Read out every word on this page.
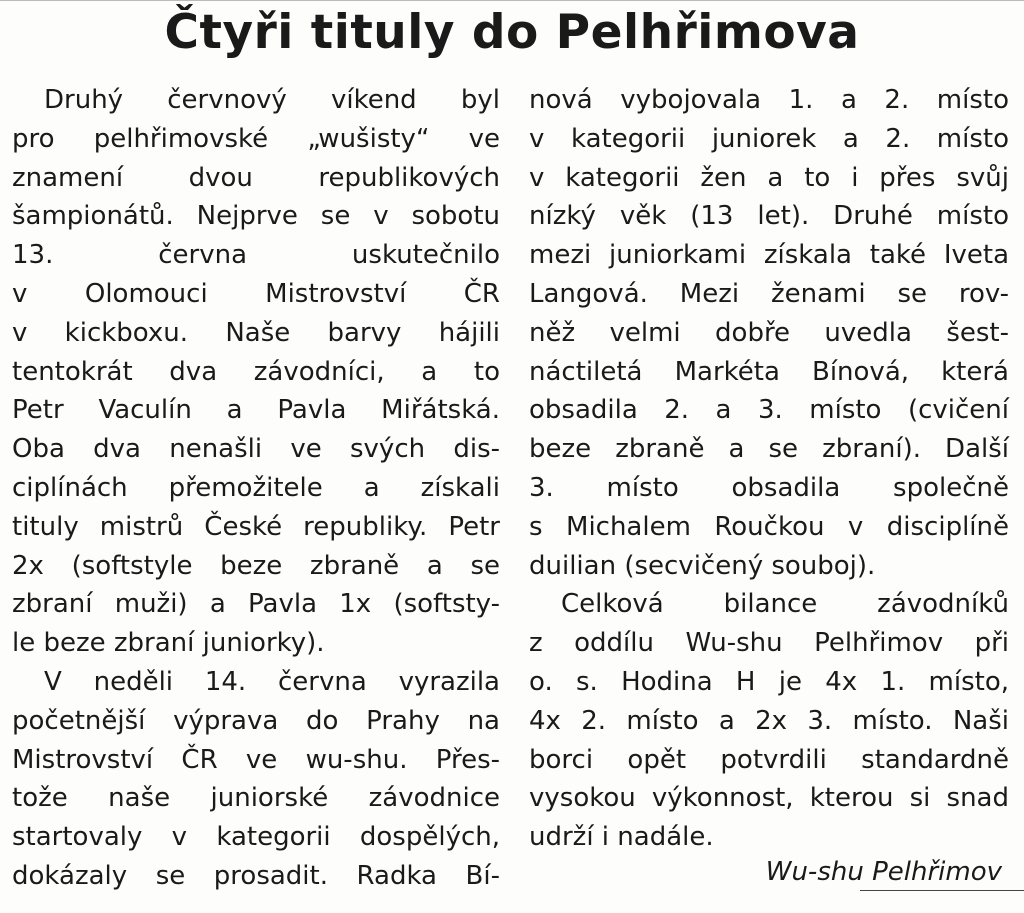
Čtyři tituly do Pelhřimova
Druhý červnový víkend byl
pro pelhřimovské „wušisty“ ve
znamení dvou republikových
šampionátů. Nejprve se v sobotu
13. června uskutečnilo
v Olomouci Mistrovství ČR
v kickboxu. Naše barvy hájili
tentokrát dva závodníci, a to
Petr Vaculín a Pavla Miřátská.
Oba dva nenašli ve svých dis-
ciplínách přemožitele a získali
tituly mistrů České republiky. Petr
2x (softstyle beze zbraně a se
zbraní muži) a Pavla 1x (softsty-
le beze zbraní juniorky).
V neděli 14. června vyrazila
početnější výprava do Prahy na
Mistrovství ČR ve wu-shu. Přes-
tože naše juniorské závodnice
startovaly v kategorii dospělých,
dokázaly se prosadit. Radka Bí-
nová vybojovala 1. a 2. místo
v kategorii juniorek a 2. místo
v kategorii žen a to i přes svůj
nízký věk (13 let). Druhé místo
mezi juniorkami získala také Iveta
Langová. Mezi ženami se rov-
něž velmi dobře uvedla šest-
náctiletá Markéta Bínová, která
obsadila 2. a 3. místo (cvičení
beze zbraně a se zbraní). Další
3. místo obsadila společně
s Michalem Roučkou v disciplíně
duilian (secvičený souboj).
Celková bilance závodníků
z oddílu Wu-shu Pelhřimov při
o. s. Hodina H je 4x 1. místo,
4x 2. místo a 2x 3. místo. Naši
borci opět potvrdili standardně
vysokou výkonnost, kterou si snad
udrží i nadále.
Wu-shu Pelhřimov
